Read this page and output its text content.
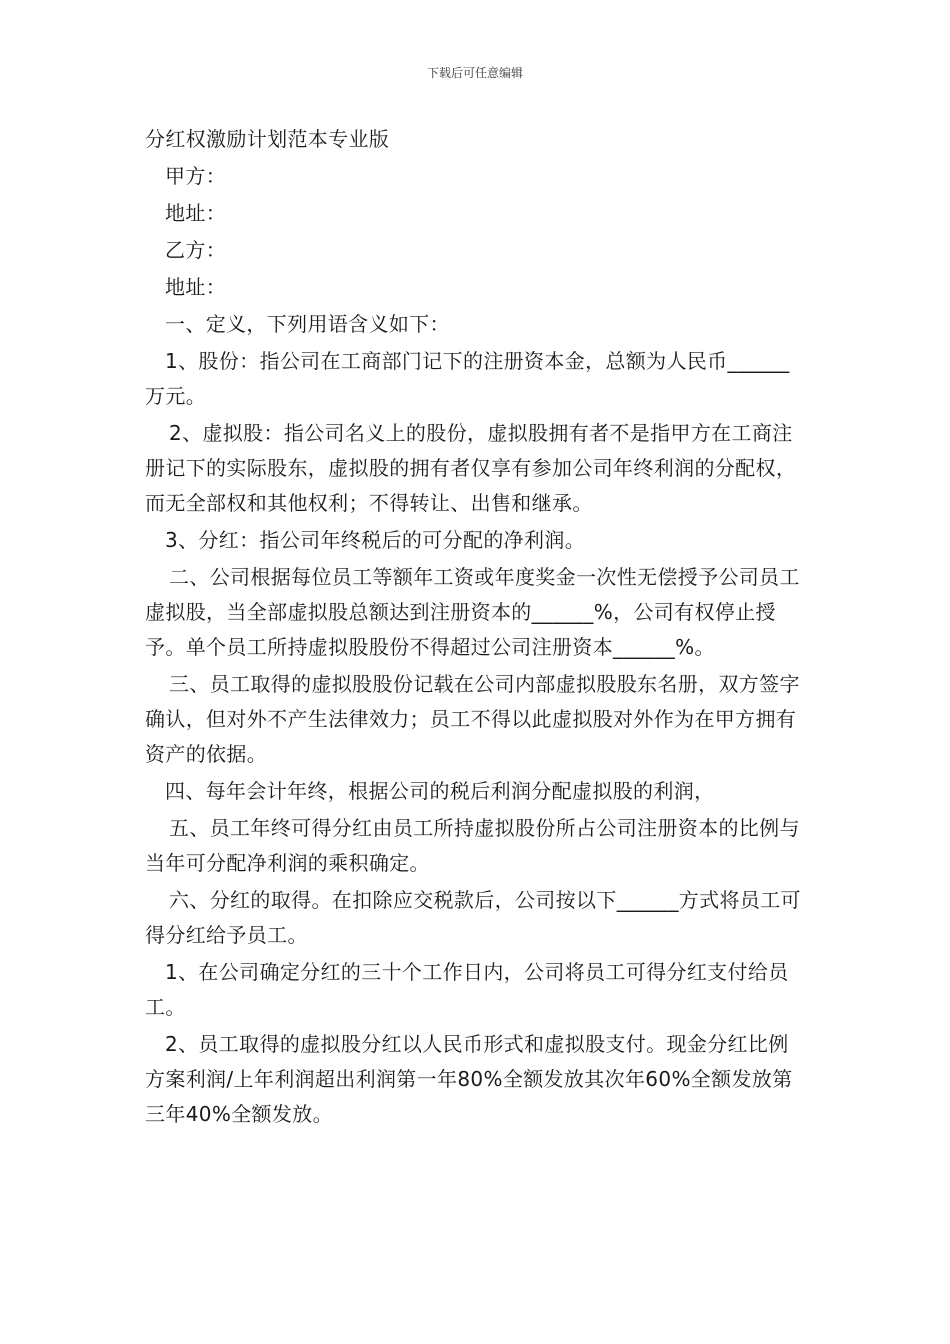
下载后可任意编辑

分红权激励计划范本专业版

甲方：

地址：

乙方：

地址：

一、定义，下列用语含义如下：

1、股份：指公司在工商部门记下的注册资本金，总额为人民币______万元。

2、虚拟股：指公司名义上的股份，虚拟股拥有者不是指甲方在工商注册记下的实际股东，虚拟股的拥有者仅享有参加公司年终利润的分配权，而无全部权和其他权利；不得转让、出售和继承。

3、分红：指公司年终税后的可分配的净利润。

二、公司根据每位员工等额年工资或年度奖金一次性无偿授予公司员工虚拟股，当全部虚拟股总额达到注册资本的______%，公司有权停止授予。单个员工所持虚拟股股份不得超过公司注册资本______%。

三、员工取得的虚拟股股份记载在公司内部虚拟股股东名册，双方签字确认，但对外不产生法律效力；员工不得以此虚拟股对外作为在甲方拥有资产的依据。

四、每年会计年终，根据公司的税后利润分配虚拟股的利润，

五、员工年终可得分红由员工所持虚拟股份所占公司注册资本的比例与当年可分配净利润的乘积确定。

六、分红的取得。在扣除应交税款后，公司按以下______方式将员工可得分红给予员工。

1、在公司确定分红的三十个工作日内，公司将员工可得分红支付给员工。

2、员工取得的虚拟股分红以人民币形式和虚拟股支付。现金分红比例方案利润/上年利润超出利润第一年80%全额发放其次年60%全额发放第三年40%全额发放。
